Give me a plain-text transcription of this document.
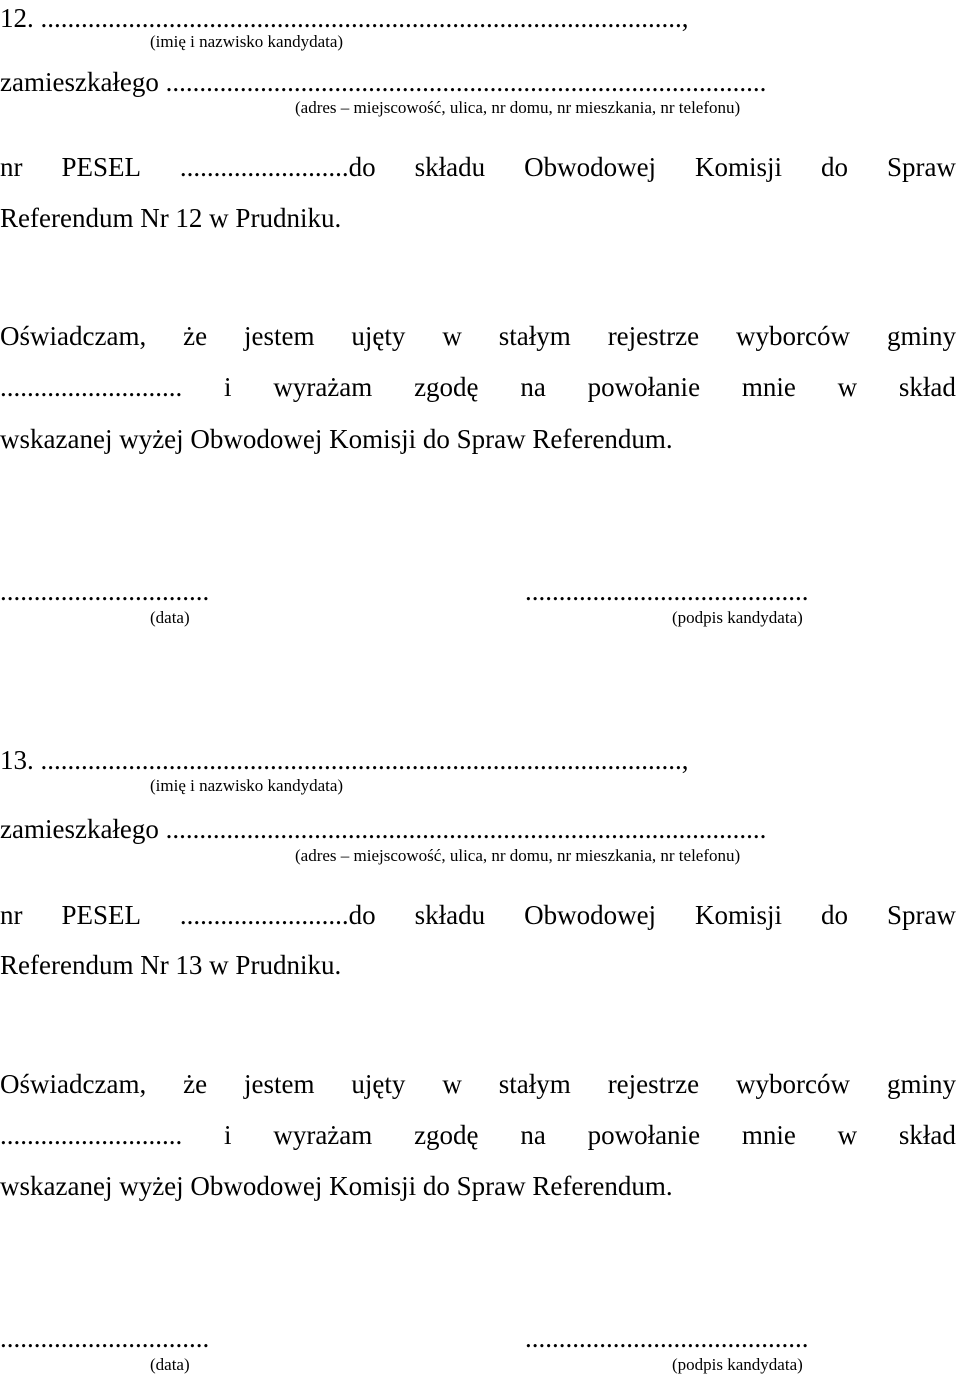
12. ...............................................................................................,
(imię i nazwisko kandydata)
zamieszkałego .........................................................................................
(adres – miejscowość, ulica, nr domu, nr mieszkania, nr telefonu)
nr PESEL .........................do składu Obwodowej Komisji do Spraw
Referendum Nr 12 w Prudniku.
Oświadczam, że jestem ujęty w stałym rejestrze wyborców gminy
........................... i wyrażam zgodę na powołanie mnie w skład
wskazanej wyżej Obwodowej Komisji do Spraw Referendum.
...............................
(data)
..........................................
(podpis kandydata)
13. ...............................................................................................,
(imię i nazwisko kandydata)
zamieszkałego .........................................................................................
(adres – miejscowość, ulica, nr domu, nr mieszkania, nr telefonu)
nr PESEL .........................do składu Obwodowej Komisji do Spraw
Referendum Nr 13 w Prudniku.
Oświadczam, że jestem ujęty w stałym rejestrze wyborców gminy
........................... i wyrażam zgodę na powołanie mnie w skład
wskazanej wyżej Obwodowej Komisji do Spraw Referendum.
...............................
(data)
..........................................
(podpis kandydata)
